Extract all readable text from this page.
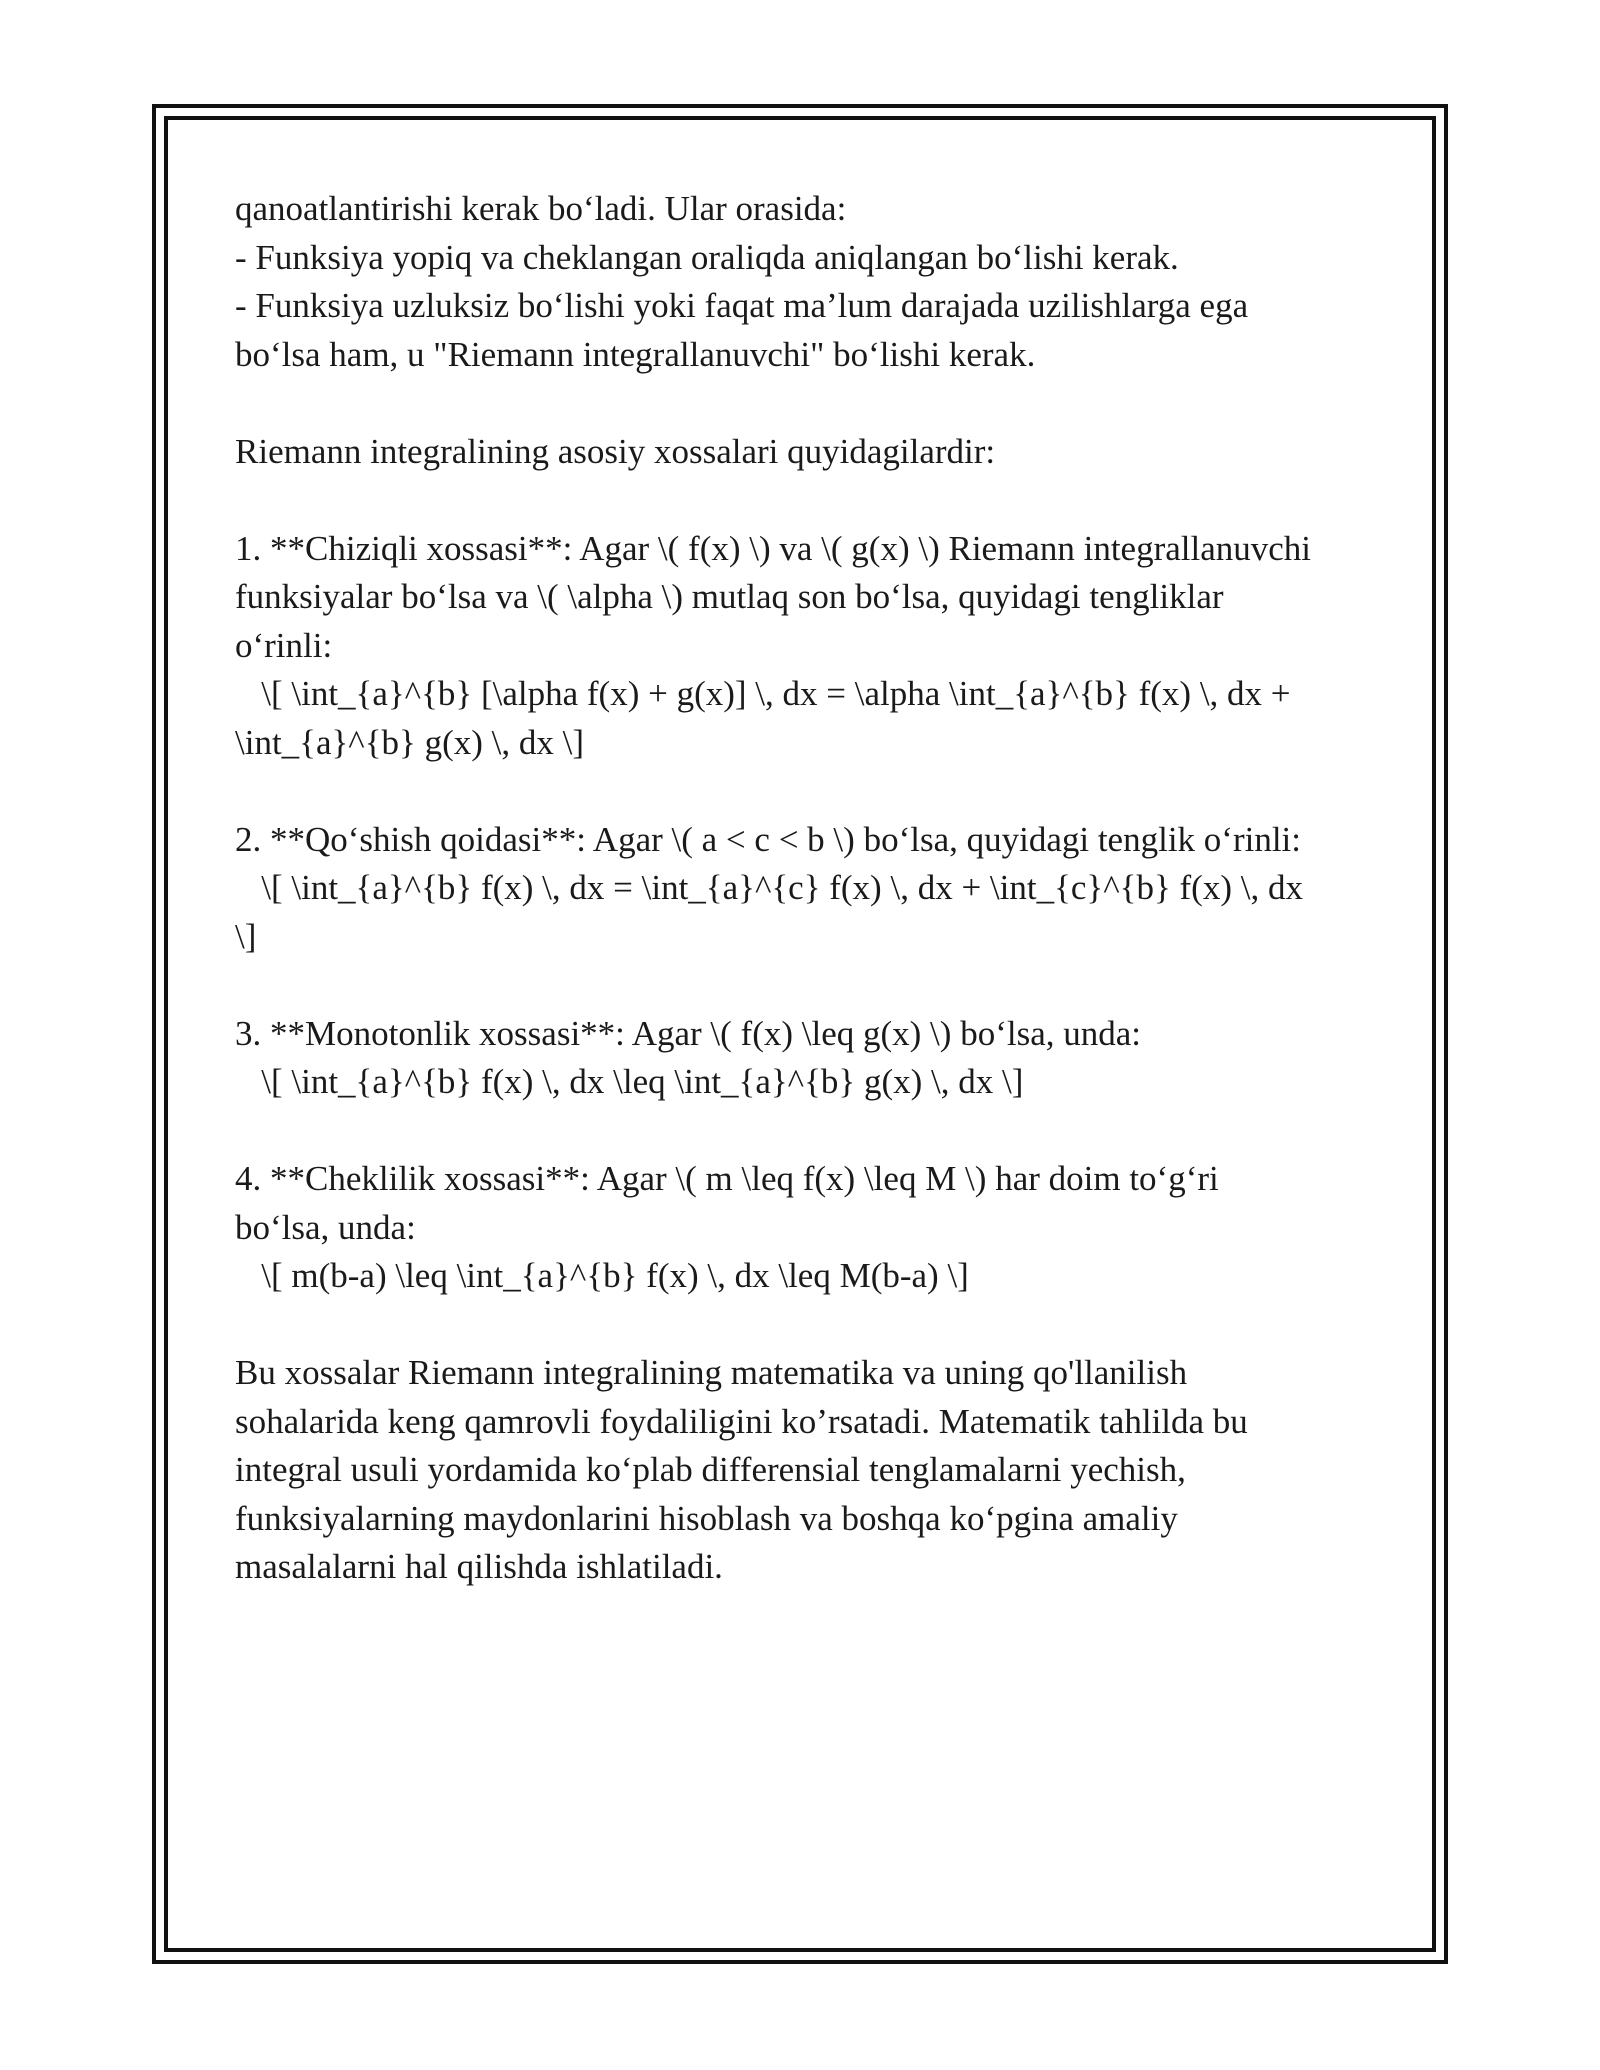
qanoatlantirishi kerak bo‘ladi. Ular orasida:
- Funksiya yopiq va cheklangan oraliqda aniqlangan bo‘lishi kerak.
- Funksiya uzluksiz bo‘lishi yoki faqat ma’lum darajada uzilishlarga ega
bo‘lsa ham, u "Riemann integrallanuvchi" bo‘lishi kerak.
Riemann integralining asosiy xossalari quyidagilardir:
1. **Chiziqli xossasi**: Agar \( f(x) \) va \( g(x) \) Riemann integrallanuvchi
funksiyalar bo‘lsa va \( \alpha \) mutlaq son bo‘lsa, quyidagi tengliklar
o‘rinli:
\[ \int_{a}^{b} [\alpha f(x) + g(x)] \, dx = \alpha \int_{a}^{b} f(x) \, dx +
\int_{a}^{b} g(x) \, dx \]
2. **Qo‘shish qoidasi**: Agar \( a < c < b \) bo‘lsa, quyidagi tenglik o‘rinli:
\[ \int_{a}^{b} f(x) \, dx = \int_{a}^{c} f(x) \, dx + \int_{c}^{b} f(x) \, dx
\]
3. **Monotonlik xossasi**: Agar \( f(x) \leq g(x) \) bo‘lsa, unda:
\[ \int_{a}^{b} f(x) \, dx \leq \int_{a}^{b} g(x) \, dx \]
4. **Cheklilik xossasi**: Agar \( m \leq f(x) \leq M \) har doim to‘g‘ri
bo‘lsa, unda:
\[ m(b-a) \leq \int_{a}^{b} f(x) \, dx \leq M(b-a) \]
Bu xossalar Riemann integralining matematika va uning qo'llanilish
sohalarida keng qamrovli foydaliligini ko’rsatadi. Matematik tahlilda bu
integral usuli yordamida ko‘plab differensial tenglamalarni yechish,
funksiyalarning maydonlarini hisoblash va boshqa ko‘pgina amaliy
masalalarni hal qilishda ishlatiladi.
